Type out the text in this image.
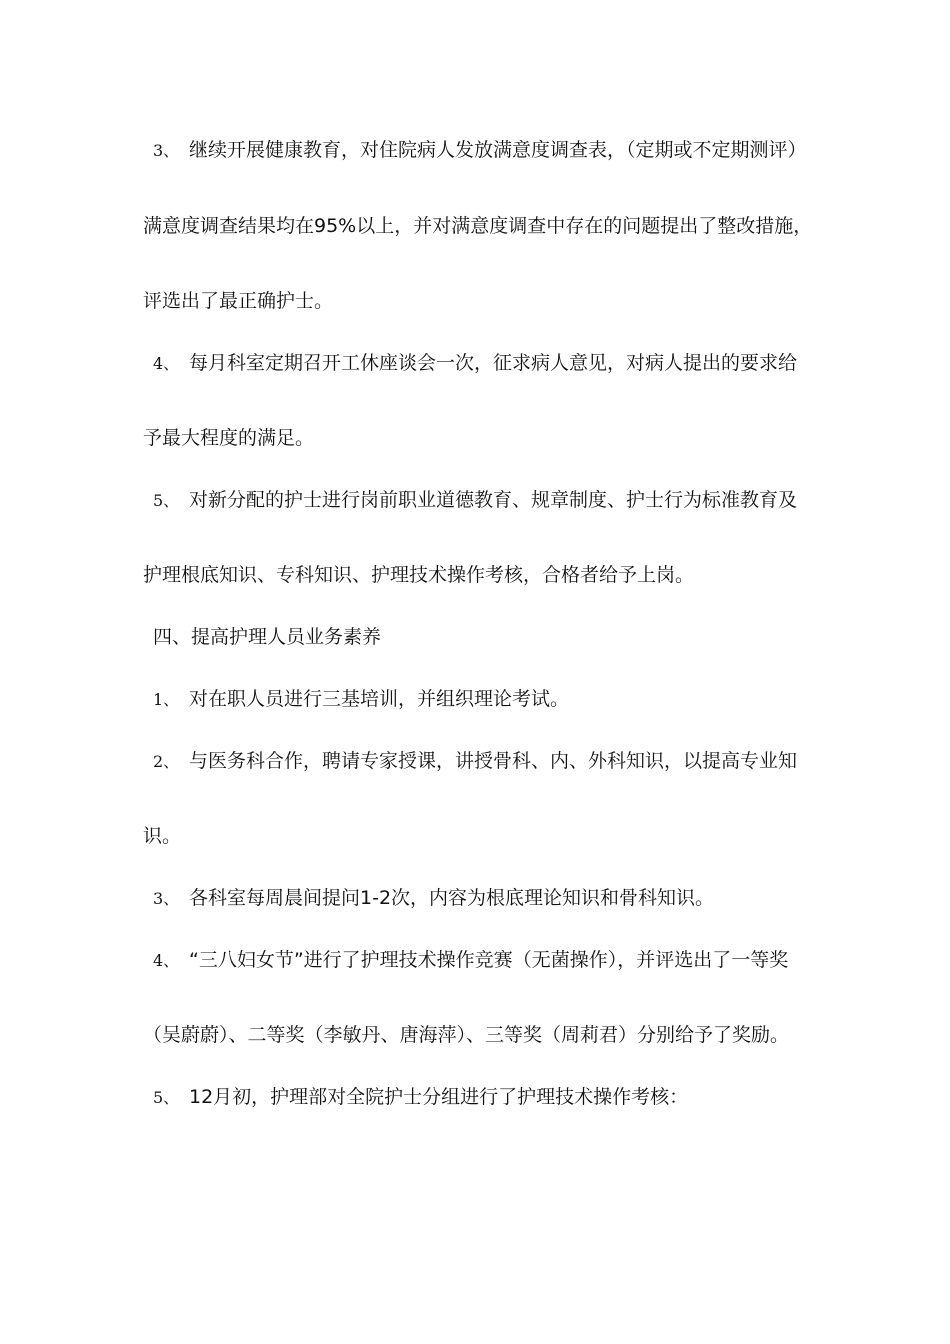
3、 继续开展健康教育，对住院病人发放满意度调查表，（定期或不定期测评）
满意度调查结果均在95%以上，并对满意度调查中存在的问题提出了整改措施，
评选出了最正确护士。
4、 每月科室定期召开工休座谈会一次，征求病人意见，对病人提出的要求给
予最大程度的满足。
5、 对新分配的护士进行岗前职业道德教育、规章制度、护士行为标准教育及
护理根底知识、专科知识、护理技术操作考核，合格者给予上岗。
四、提高护理人员业务素养
1、 对在职人员进行三基培训，并组织理论考试。
2、 与医务科合作，聘请专家授课，讲授骨科、内、外科知识，以提高专业知
识。
3、 各科室每周晨间提问1-2次，内容为根底理论知识和骨科知识。
4、 “三八妇女节”进行了护理技术操作竞赛（无菌操作），并评选出了一等奖
（吴蔚蔚）、二等奖（李敏丹、唐海萍）、三等奖（周莉君）分别给予了奖励。
5、 12月初，护理部对全院护士分组进行了护理技术操作考核：
